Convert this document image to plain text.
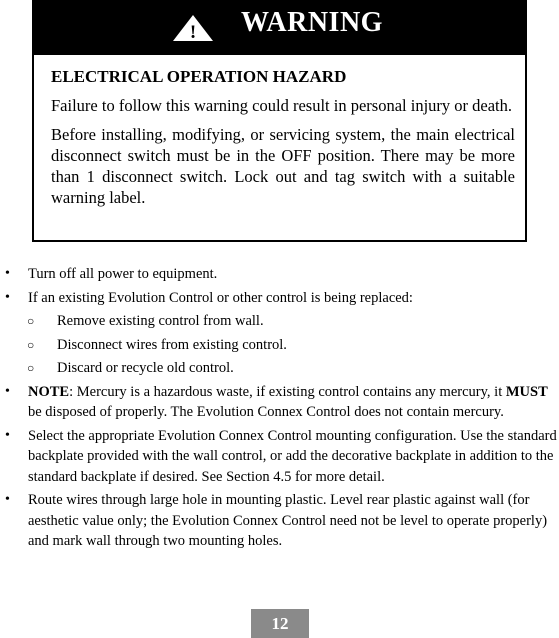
! WARNING

ELECTRICAL OPERATION HAZARD

Failure to follow this warning could result in personal injury or death.

Before installing, modifying, or servicing system, the main electrical disconnect switch must be in the OFF position. There may be more than 1 disconnect switch. Lock out and tag switch with a suitable warning label.

• Turn off all power to equipment.
• If an existing Evolution Control or other control is being replaced:
○ Remove existing control from wall.
○ Disconnect wires from existing control.
○ Discard or recycle old control.
• NOTE: Mercury is a hazardous waste, if existing control contains any mercury, it MUST be disposed of properly. The Evolution Connex Control does not contain mercury.
• Select the appropriate Evolution Connex Control mounting configuration. Use the standard backplate provided with the wall control, or add the decorative backplate in addition to the standard backplate if desired. See Section 4.5 for more detail.
• Route wires through large hole in mounting plastic. Level rear plastic against wall (for aesthetic value only; the Evolution Connex Control need not be level to operate properly) and mark wall through two mounting holes.
12
